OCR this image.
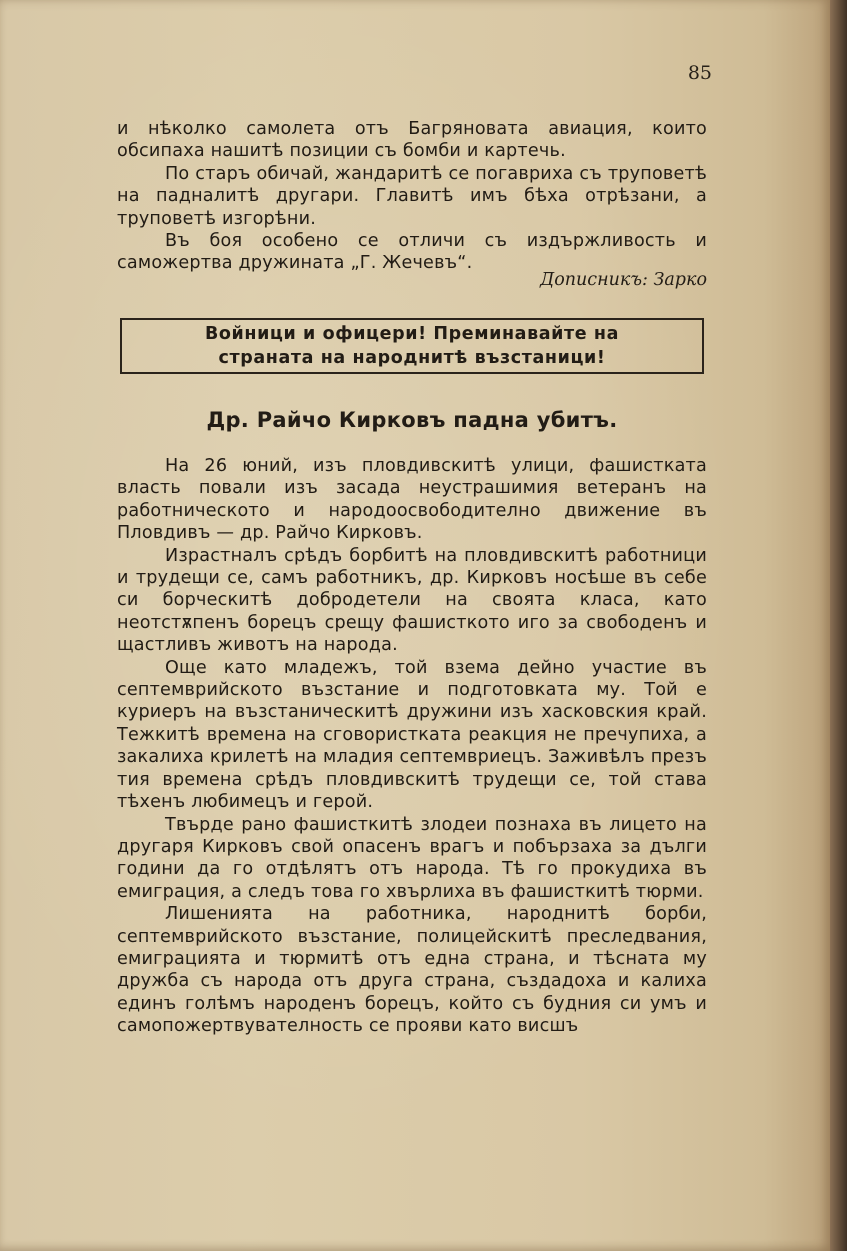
85

и нѣколко самолета отъ Багряновата авиация, които обсипаха нашитѣ позиции съ бомби и картечь.

По старъ обичай, жандаритѣ се погавриха съ труповетѣ на падналитѣ другари. Главитѣ имъ бѣха отрѣзани, а труповетѣ изгорѣни.

Въ боя особено се отличи съ издържливость и саможертва дружината „Г. Жечевъ“.

Дописникъ: Зарко
Войници и офицери! Преминавайте на
страната на народнитѣ възстаници!
Др. Райчо Кирковъ падна убитъ.

На 26 юний, изъ пловдивскитѣ улици, фашистката власть повали изъ засада неустрашимия ветеранъ на работническото и народоосвободително движение въ Пловдивъ — др. Райчо Кирковъ.

Израстналъ срѣдъ борбитѣ на пловдивскитѣ работници и трудещи се, самъ работникъ, др. Кирковъ носѣше въ себе си борческитѣ добродетели на своята класа, като неотстѫпенъ борецъ срещу фашисткото иго за свободенъ и щастливъ животъ на народа.

Още като младежъ, той взема дейно участие въ септемврийското възстание и подготовката му. Той е куриеръ на възстаническитѣ дружини изъ хасковския край. Тежкитѣ времена на сговористката реакция не пречупиха, а закалиха крилетѣ на младия септемвриецъ. Заживѣлъ презъ тия времена срѣдъ пловдивскитѣ трудещи се, той става тѣхенъ любимецъ и герой.

Твърде рано фашисткитѣ злодеи познаха въ лицето на другаря Кирковъ свой опасенъ врагъ и побързаха за дълги години да го отдѣлятъ отъ народа. Тѣ го прокудиха въ емиграция, а следъ това го хвърлиха въ фашисткитѣ тюрми.

Лишенията на работника, народнитѣ борби, септемврийското възстание, полицейскитѣ преследвания, емиграцията и тюрмитѣ отъ една страна, и тѣсната му дружба съ народа отъ друга страна, създадоха и калиха единъ голѣмъ народенъ борецъ, който съ будния си умъ и самопожертвувателность се прояви като висшъ
